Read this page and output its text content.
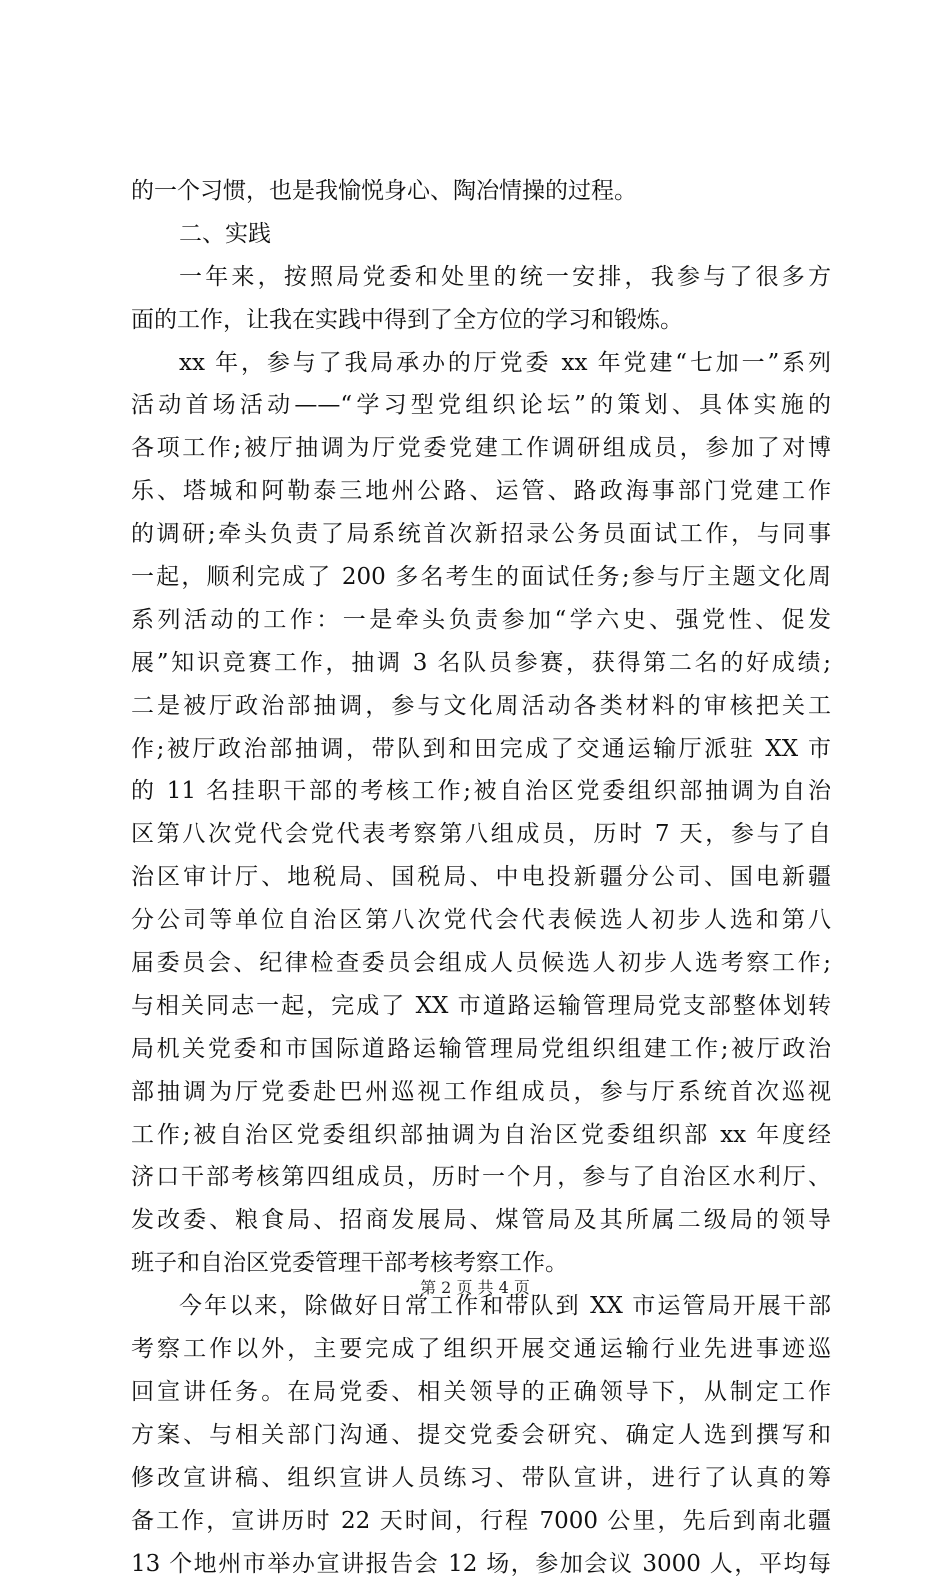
的一个习惯，也是我愉悦身心、陶冶情操的过程。
二、实践
一年来，按照局党委和处里的统一安排，我参与了很多方
面的工作，让我在实践中得到了全方位的学习和锻炼。
xx 年，参与了我局承办的厅党委 xx 年党建“七加一”系列
活动首场活动——“学习型党组织论坛”的策划、具体实施的
各项工作;被厅抽调为厅党委党建工作调研组成员，参加了对博
乐、塔城和阿勒泰三地州公路、运管、路政海事部门党建工作
的调研;牵头负责了局系统首次新招录公务员面试工作，与同事
一起，顺利完成了 200 多名考生的面试任务;参与厅主题文化周
系列活动的工作：一是牵头负责参加“学六史、强党性、促发
展”知识竞赛工作，抽调 3 名队员参赛，获得第二名的好成绩;
二是被厅政治部抽调，参与文化周活动各类材料的审核把关工
作;被厅政治部抽调，带队到和田完成了交通运输厅派驻 XX 市
的 11 名挂职干部的考核工作;被自治区党委组织部抽调为自治
区第八次党代会党代表考察第八组成员，历时 7 天，参与了自
治区审计厅、地税局、国税局、中电投新疆分公司、国电新疆
分公司等单位自治区第八次党代会代表候选人初步人选和第八
届委员会、纪律检查委员会组成人员候选人初步人选考察工作;
与相关同志一起，完成了 XX 市道路运输管理局党支部整体划转
局机关党委和市国际道路运输管理局党组织组建工作;被厅政治
部抽调为厅党委赴巴州巡视工作组成员，参与厅系统首次巡视
工作;被自治区党委组织部抽调为自治区党委组织部 xx 年度经
济口干部考核第四组成员，历时一个月，参与了自治区水利厅、
发改委、粮食局、招商发展局、煤管局及其所属二级局的领导
班子和自治区党委管理干部考核考察工作。
今年以来，除做好日常工作和带队到 XX 市运管局开展干部
考察工作以外，主要完成了组织开展交通运输行业先进事迹巡
回宣讲任务。在局党委、相关领导的正确领导下，从制定工作
方案、与相关部门沟通、提交党委会研究、确定人选到撰写和
修改宣讲稿、组织宣讲人员练习、带队宣讲，进行了认真的筹
备工作，宣讲历时 22 天时间，行程 7000 公里，先后到南北疆
13 个地州市举办宣讲报告会 12 场，参加会议 3000 人，平均每
第 2 页 共 4 页
